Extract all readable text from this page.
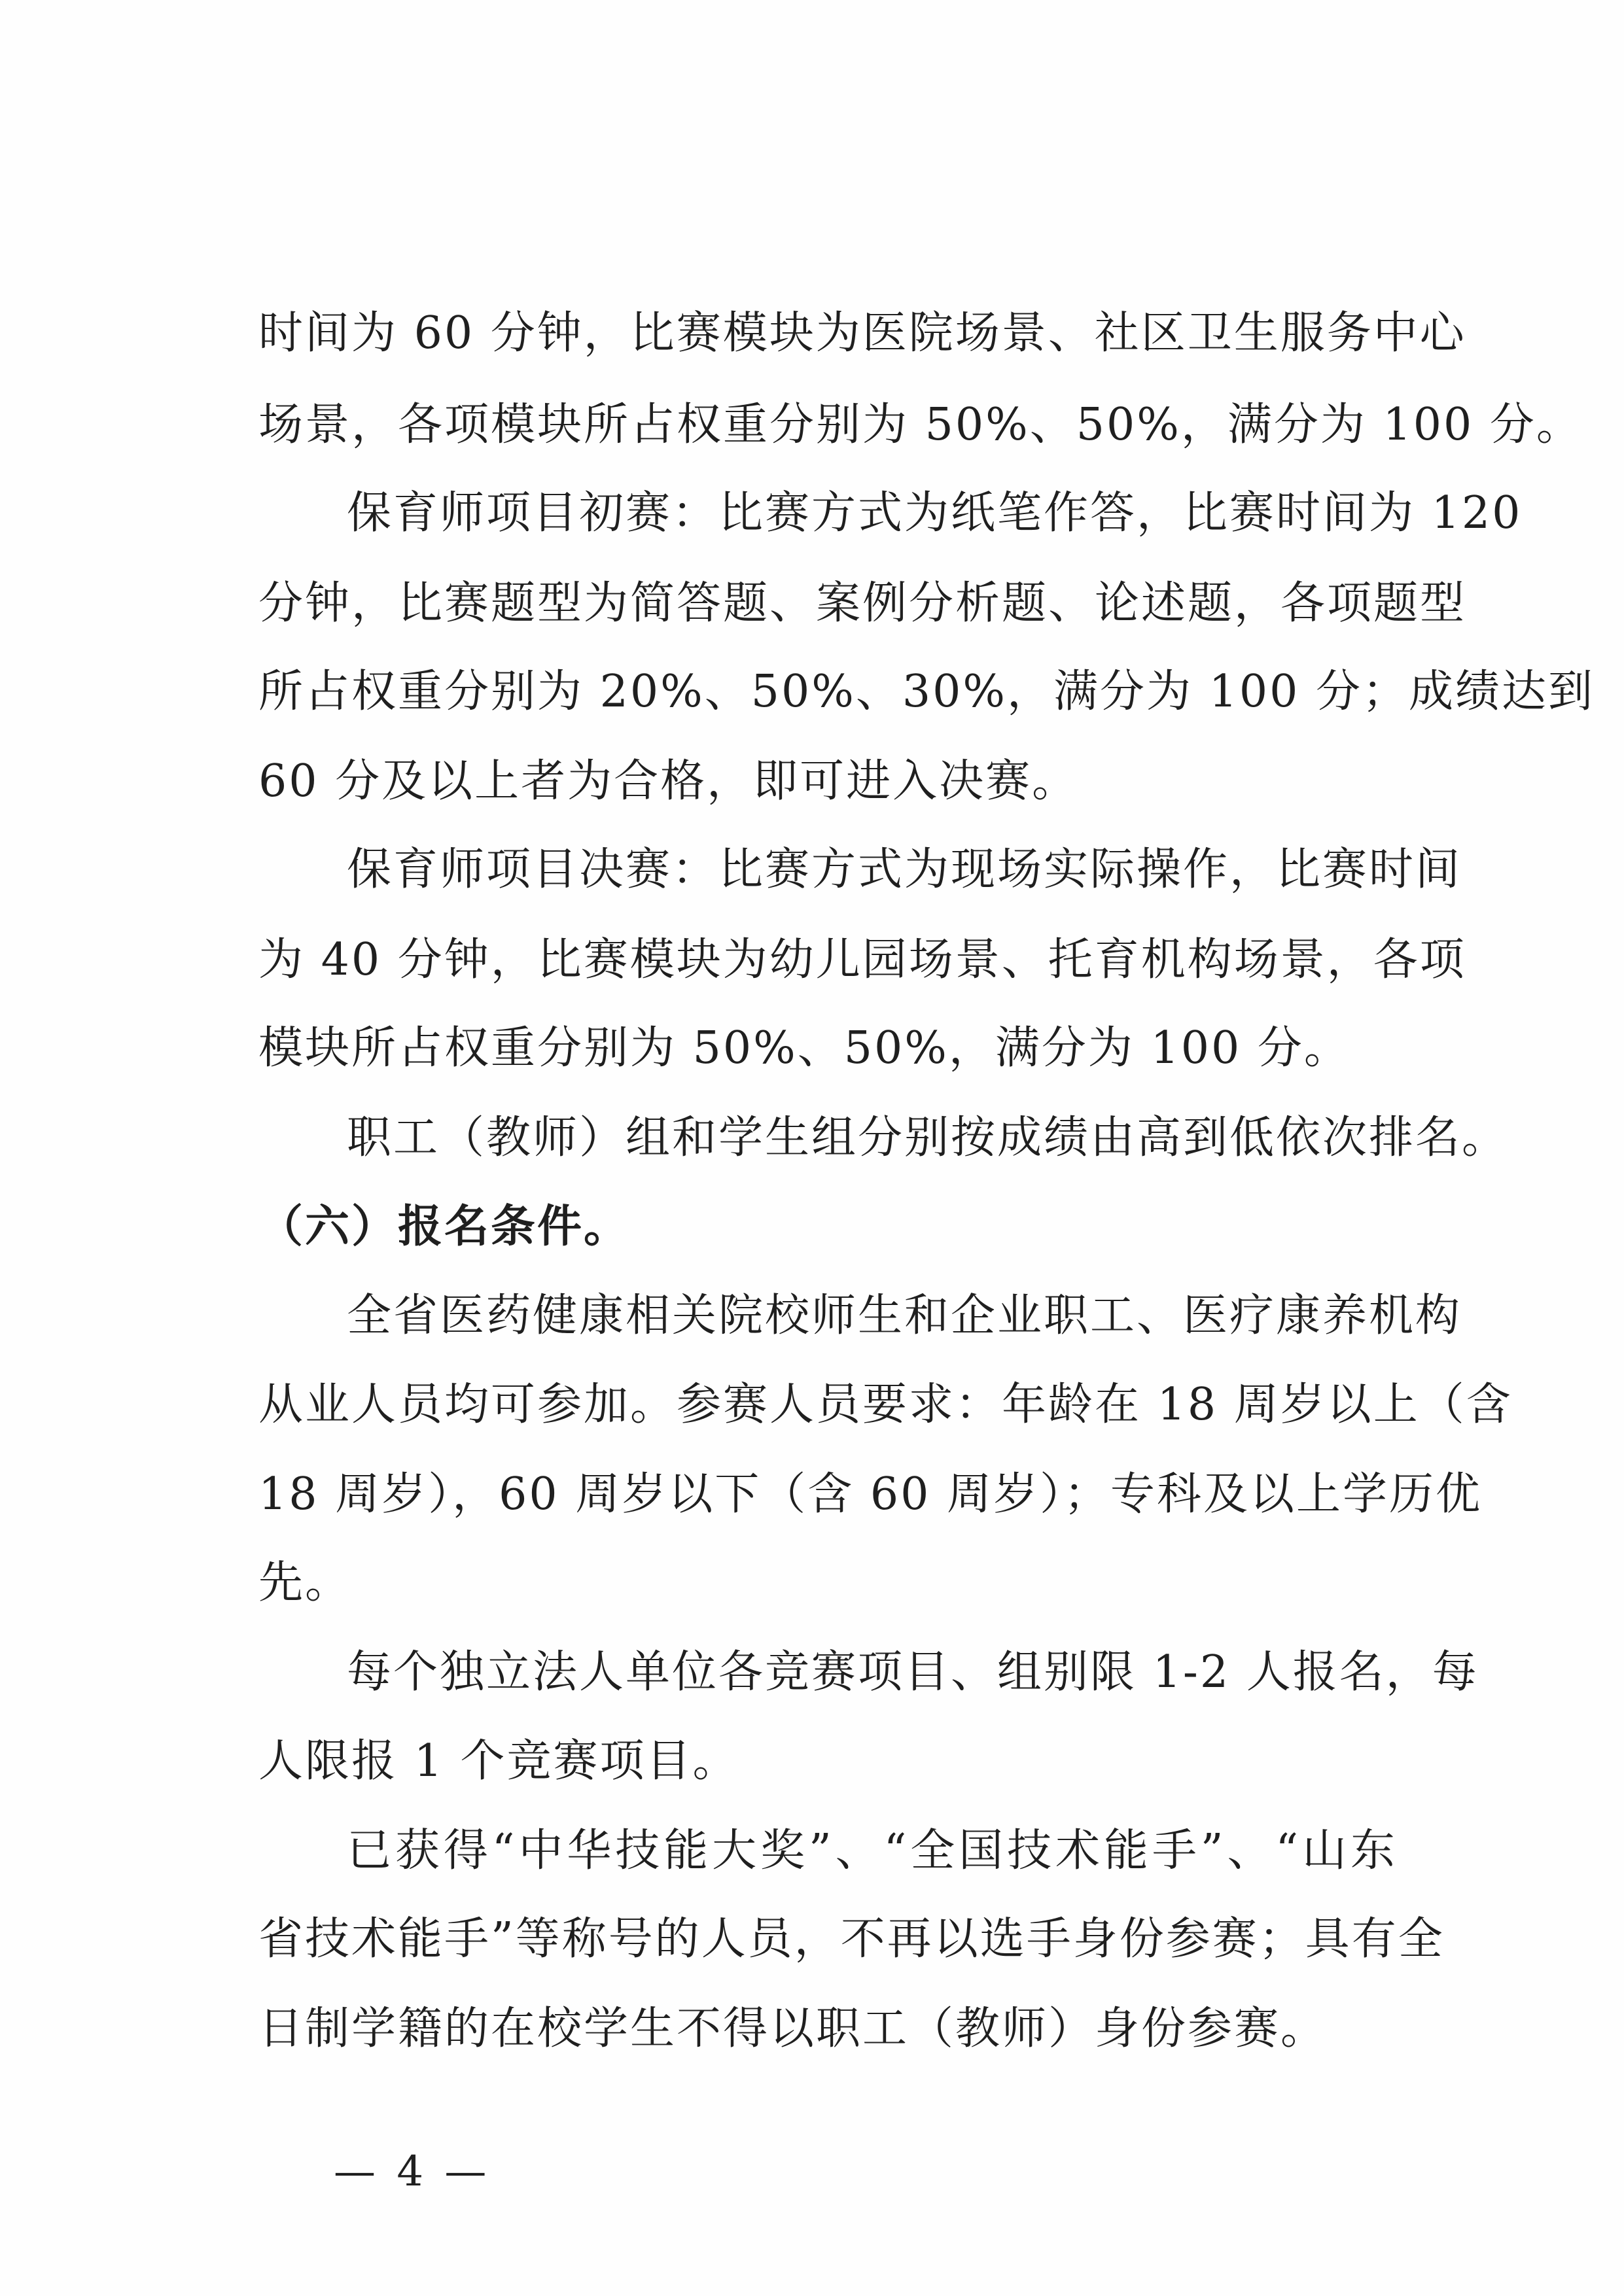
时间为 60 分钟，比赛模块为医院场景、社区卫生服务中心
场景，各项模块所占权重分别为 50%、50%，满分为 100 分。
保育师项目初赛：比赛方式为纸笔作答，比赛时间为 120
分钟，比赛题型为简答题、案例分析题、论述题，各项题型
所占权重分别为 20%、50%、30%，满分为 100 分；成绩达到
60 分及以上者为合格，即可进入决赛。
保育师项目决赛：比赛方式为现场实际操作，比赛时间
为 40 分钟，比赛模块为幼儿园场景、托育机构场景，各项
模块所占权重分别为 50%、50%，满分为 100 分。
职工（教师）组和学生组分别按成绩由高到低依次排名。
（六）报名条件。
全省医药健康相关院校师生和企业职工、医疗康养机构
从业人员均可参加。参赛人员要求：年龄在 18 周岁以上（含
18 周岁），60 周岁以下（含 60 周岁）；专科及以上学历优
先。
每个独立法人单位各竞赛项目、组别限 1-2 人报名，每
人限报 1 个竞赛项目。
已获得“中华技能大奖”、“全国技术能手”、“山东
省技术能手”等称号的人员，不再以选手身份参赛；具有全
日制学籍的在校学生不得以职工（教师）身份参赛。
— 4 —
